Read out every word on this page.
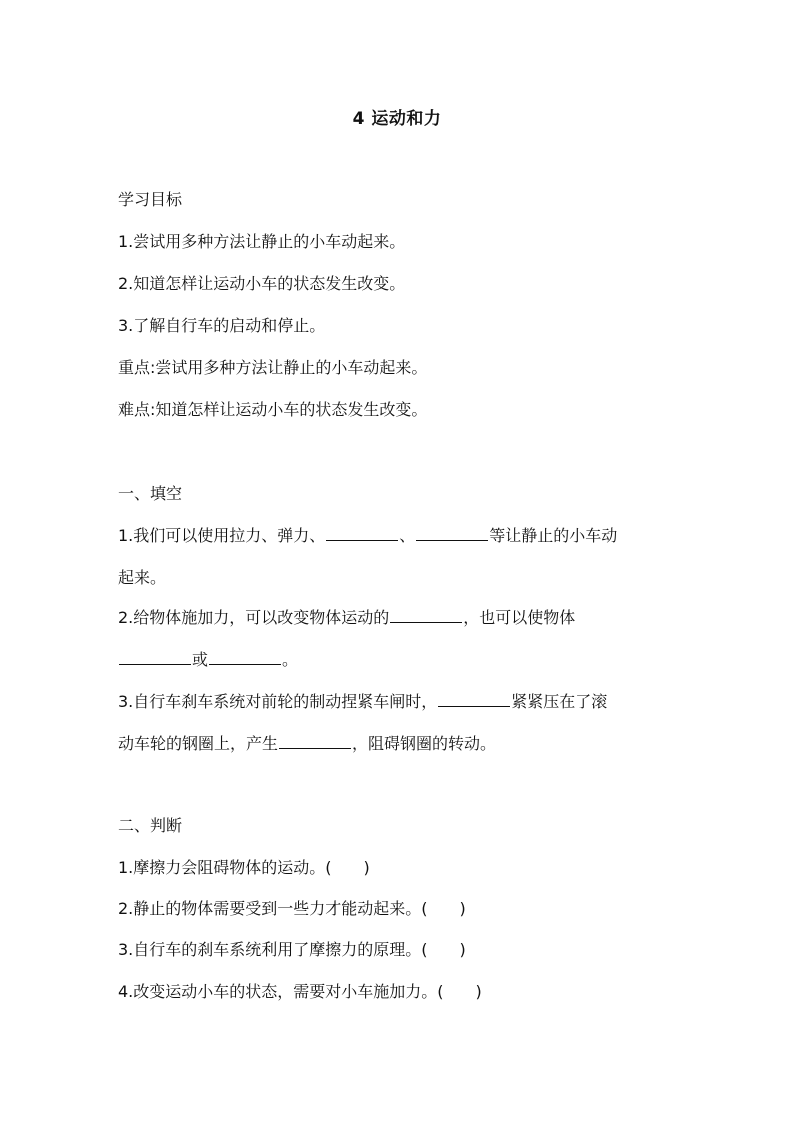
4 运动和力
学习目标
1.尝试用多种方法让静止的小车动起来。
2.知道怎样让运动小车的状态发生改变。
3.了解自行车的启动和停止。
重点:尝试用多种方法让静止的小车动起来。
难点:知道怎样让运动小车的状态发生改变。
一、填空
1.我们可以使用拉力、弹力、	、	等让静止的小车动
起来。
2.给物体施加力，可以改变物体运动的	，也可以使物体
或	。
3.自行车刹车系统对前轮的制动捏紧车闸时，	紧紧压在了滚
动车轮的钢圈上，产生	，阻碍钢圈的转动。
二、判断
1.摩擦力会阻碍物体的运动。(　　)
2.静止的物体需要受到一些力才能动起来。(　　)
3.自行车的刹车系统利用了摩擦力的原理。(　　)
4.改变运动小车的状态，需要对小车施加力。(　　)
